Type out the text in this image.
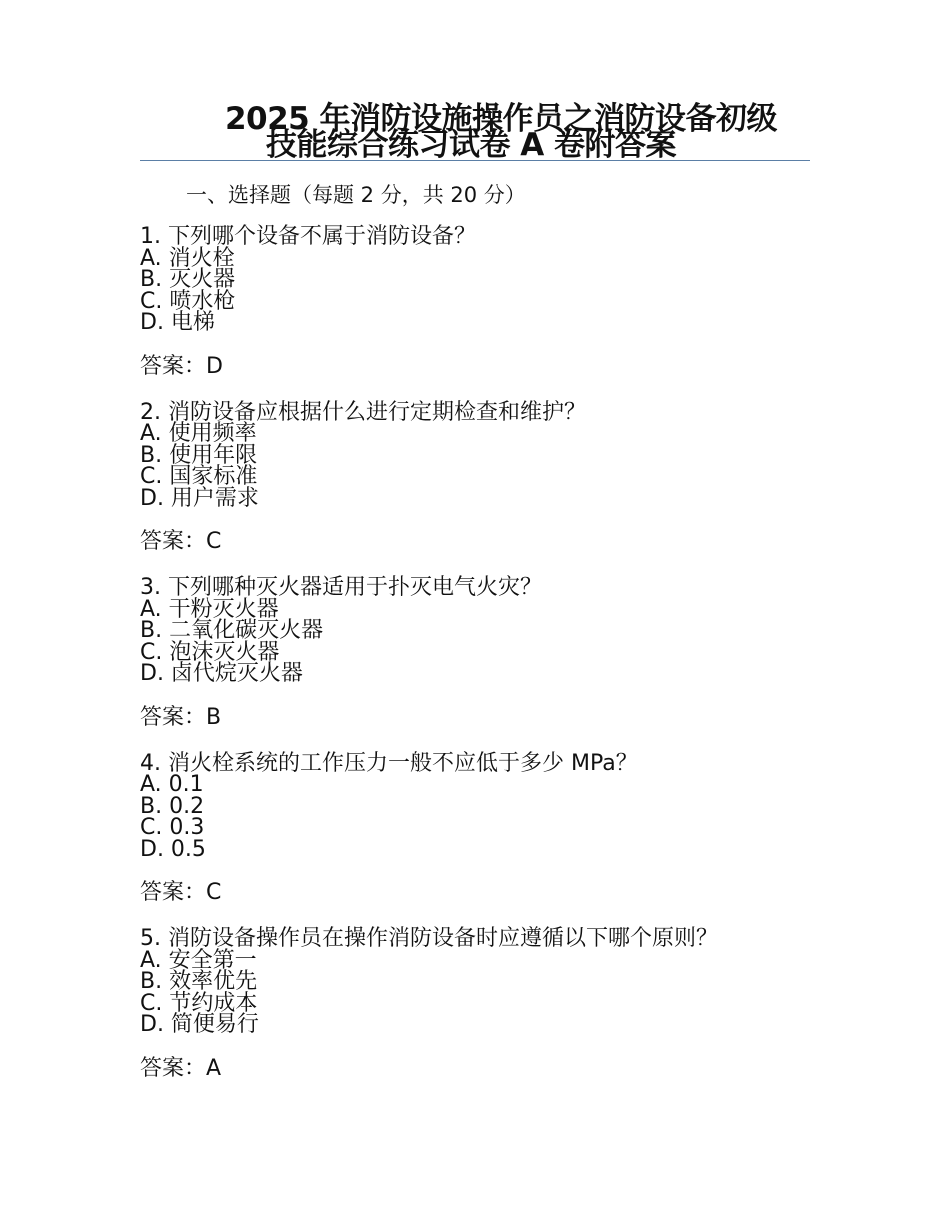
2025 年消防设施操作员之消防设备初级
技能综合练习试卷 A 卷附答案
一、选择题（每题 2 分，共 20 分）
1. 下列哪个设备不属于消防设备？
A. 消火栓
B. 灭火器
C. 喷水枪
D. 电梯
答案：D
2. 消防设备应根据什么进行定期检查和维护？
A. 使用频率
B. 使用年限
C. 国家标准
D. 用户需求
答案：C
3. 下列哪种灭火器适用于扑灭电气火灾？
A. 干粉灭火器
B. 二氧化碳灭火器
C. 泡沫灭火器
D. 卤代烷灭火器
答案：B
4. 消火栓系统的工作压力一般不应低于多少 MPa？
A. 0.1
B. 0.2
C. 0.3
D. 0.5
答案：C
5. 消防设备操作员在操作消防设备时应遵循以下哪个原则？
A. 安全第一
B. 效率优先
C. 节约成本
D. 简便易行
答案：A
